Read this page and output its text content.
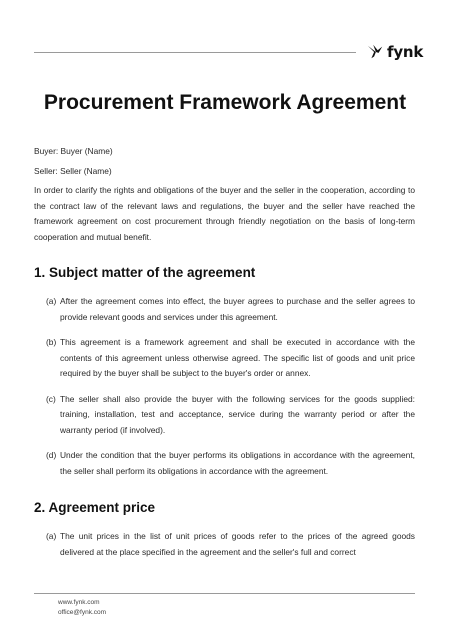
fynk
Procurement Framework Agreement

Buyer: Buyer (Name)

Seller: Seller (Name)

In order to clarify the rights and obligations of the buyer and the seller in the cooperation, according to the contract law of the relevant laws and regulations, the buyer and the seller have reached the framework agreement on cost procurement through friendly negotiation on the basis of long-term cooperation and mutual benefit.

1. Subject matter of the agreement
(a) After the agreement comes into effect, the buyer agrees to purchase and the seller agrees to provide relevant goods and services under this agreement.
(b) This agreement is a framework agreement and shall be executed in accordance with the contents of this agreement unless otherwise agreed. The specific list of goods and unit price required by the buyer shall be subject to the buyer's order or annex.
(c) The seller shall also provide the buyer with the following services for the goods supplied: training, installation, test and acceptance, service during the warranty period or after the warranty period (if involved).
(d) Under the condition that the buyer performs its obligations in accordance with the agreement, the seller shall perform its obligations in accordance with the agreement.
2. Agreement price
(a) The unit prices in the list of unit prices of goods refer to the prices of the agreed goods delivered at the place specified in the agreement and the seller's full and correct
www.fynk.com
office@fynk.com
